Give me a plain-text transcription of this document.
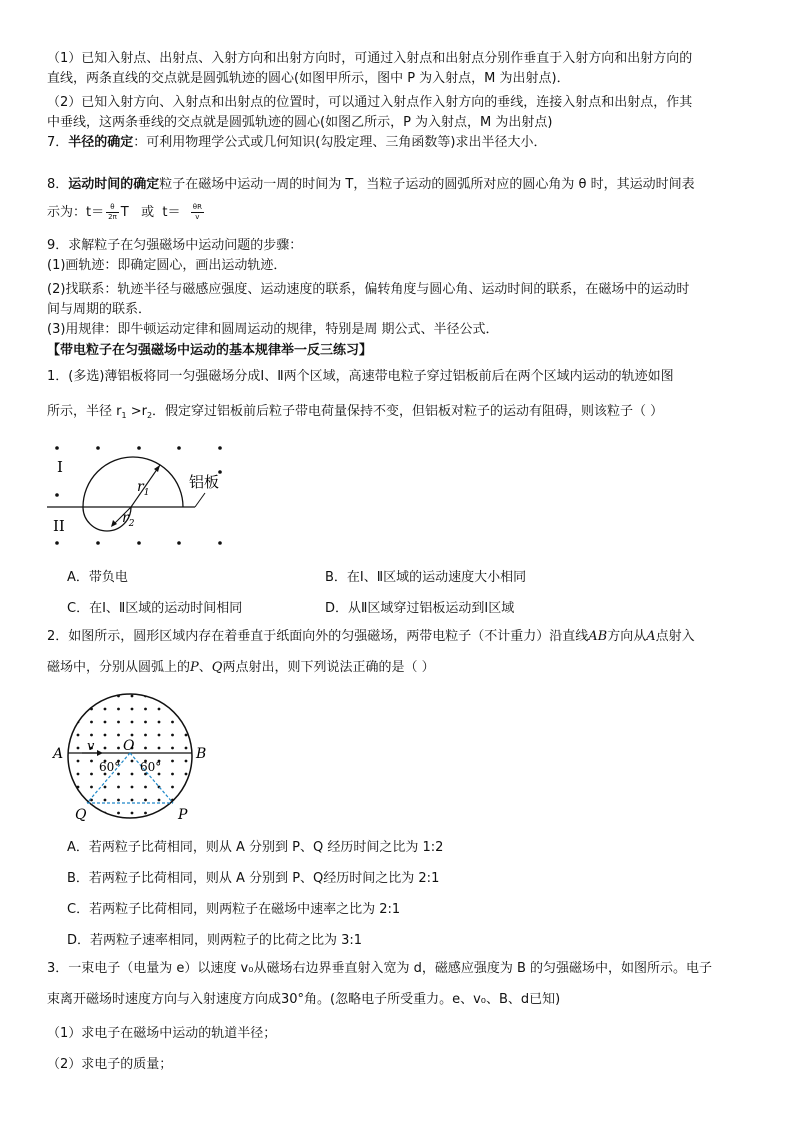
（1）已知入射点、出射点、入射方向和出射方向时，可通过入射点和出射点分别作垂直于入射方向和出射方向的
直线，两条直线的交点就是圆弧轨迹的圆心(如图甲所示，图中 P 为入射点，M 为出射点)．
（2）已知入射方向、入射点和出射点的位置时，可以通过入射点作入射方向的垂线，连接入射点和出射点，作其
中垂线，这两条垂线的交点就是圆弧轨迹的圆心(如图乙所示，P 为入射点，M 为出射点)
7．半径的确定：可利用物理学公式或几何知识(勾股定理、三角函数等)求出半径大小．
8．运动时间的确定粒子在磁场中运动一周的时间为 T，当粒子运动的圆弧所对应的圆心角为 θ 时，其运动时间表
示为：$t= \frac{\theta}{2\pi}$ T 或 $t= \frac{\theta R}{v}$
9．求解粒子在匀强磁场中运动问题的步骤：
(1)画轨迹：即确定圆心，画出运动轨迹．
(2)找联系：轨迹半径与磁感应强度、运动速度的联系，偏转角度与圆心角、运动时间的联系，在磁场中的运动时
间与周期的联系．
(3)用规律：即牛顿运动定律和圆周运动的规律，特别是周 期公式、半径公式．
【带电粒子在匀强磁场中运动的基本规律举一反三练习】
1．(多选)薄铝板将同一匀强磁场分成Ⅰ、Ⅱ两个区域，高速带电粒子穿过铝板前后在两个区域内运动的轨迹如图
所示，半径 $r_1 >r_2$．假定穿过铝板前后粒子带电荷量保持不变，但铝板对粒子的运动有阻碍，则该粒子（ ）
I
II
$r_1$
$r_2$
铝板
A．带负电	B．在Ⅰ、Ⅱ区域的运动速度大小相同
C．在Ⅰ、Ⅱ区域的运动时间相同	D．从Ⅱ区域穿过铝板运动到Ⅰ区域
2．如图所示，圆形区域内存在着垂直于纸面向外的匀强磁场，两带电粒子（不计重力）沿直线AB方向从A点射入
磁场中，分别从圆弧上的P、Q两点射出，则下列说法正确的是（ ）
A	B
O
v
60° 60°
Q	P
A．若两粒子比荷相同，则从 A 分别到 P、Q 经历时间之比为 1:2
B．若两粒子比荷相同，则从 A 分别到 P、Q经历时间之比为 2:1
C．若两粒子比荷相同，则两粒子在磁场中速率之比为 2:1
D．若两粒子速率相同，则两粒子的比荷之比为 3:1
3．一束电子（电量为 e）以速度 v₀从磁场右边界垂直射入宽为 d，磁感应强度为 B 的匀强磁场中，如图所示。电子
束离开磁场时速度方向与入射速度方向成30°角。(忽略电子所受重力。e、v₀、B、d已知)
（1）求电子在磁场中运动的轨道半径；
（2）求电子的质量；
